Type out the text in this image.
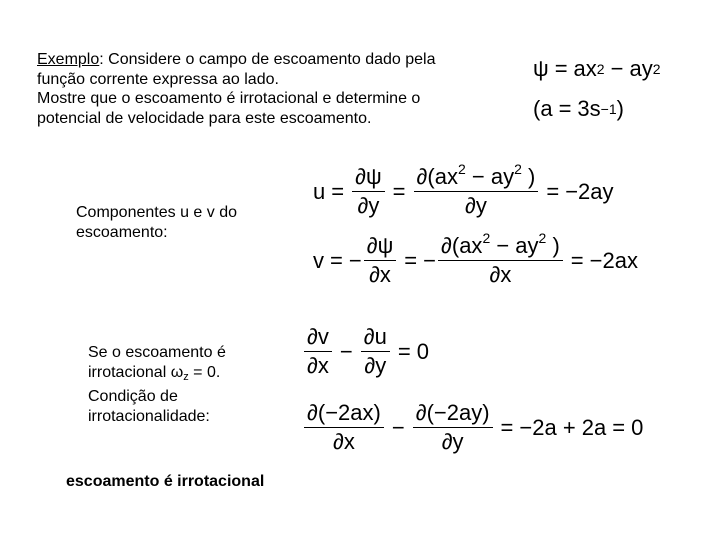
Exemplo: Considere o campo de escoamento dado pela
função corrente expressa ao lado.
Mostre que o escoamento é irrotacional e determine o
potencial de velocidade para este escoamento.
ψ = ax 2 − ay 2
(a = 3s −1 )
Componentes u e v do
escoamento:
$u = \frac{\partial\psi}{\partial y} = \frac{\partial(ax^2 - ay^2 )}{\partial y} = -2ay$
v = − $\frac{\partial\psi}{\partial x}$ = − $\frac{\partial(ax^2 - ay^2 )}{\partial x} = -2ax$
Se o escoamento é
irrotacional $\omega_z = 0$.
Condição de
irrotacionalidade:
$\frac{\partial v}{\partial x} - \frac{\partial u}{\partial y} = 0$
$\frac{\partial(-2ax)}{\partial x} - \frac{\partial(-2ay)}{\partial y} = -2a + 2a = 0$
escoamento é irrotacional
